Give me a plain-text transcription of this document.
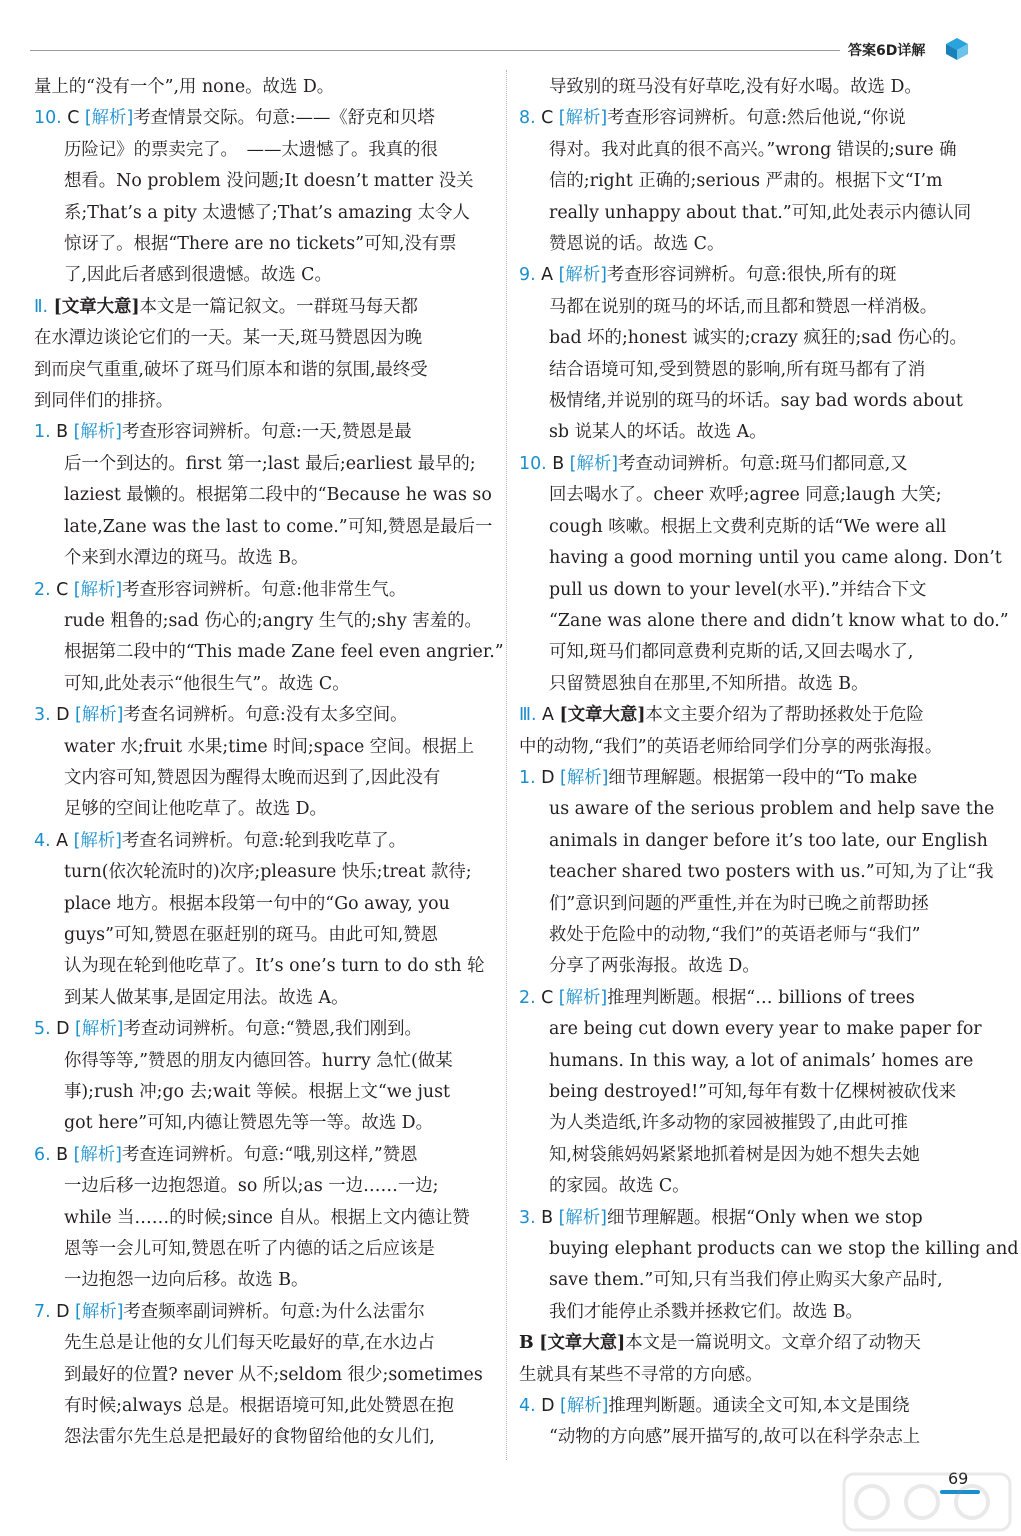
答案6D详解
量上的“没有一个”,用 none。故选 D。
10. C [解析]考查情景交际。句意:——《舒克和贝塔
历险记》的票卖完了。　——太遗憾了。我真的很
想看。No problem 没问题;It doesn’t matter 没关
系;That’s a pity 太遗憾了;That’s amazing 太令人
惊讶了。根据“There are no tickets”可知,没有票
了,因此后者感到很遗憾。故选 C。
Ⅱ. [文章大意]本文是一篇记叙文。一群斑马每天都
在水潭边谈论它们的一天。某一天,斑马赞恩因为晚
到而戾气重重,破坏了斑马们原本和谐的氛围,最终受
到同伴们的排挤。
1. B [解析]考查形容词辨析。句意:一天,赞恩是最
后一个到达的。first 第一;last 最后;earliest 最早的;
laziest 最懒的。根据第二段中的“Because he was so
late,Zane was the last to come.”可知,赞恩是最后一
个来到水潭边的斑马。故选 B。
2. C [解析]考查形容词辨析。句意:他非常生气。
rude 粗鲁的;sad 伤心的;angry 生气的;shy 害羞的。
根据第二段中的“This made Zane feel even angrier.”
可知,此处表示“他很生气”。故选 C。
3. D [解析]考查名词辨析。句意:没有太多空间。
water 水;fruit 水果;time 时间;space 空间。根据上
文内容可知,赞恩因为醒得太晚而迟到了,因此没有
足够的空间让他吃草了。故选 D。
4. A [解析]考查名词辨析。句意:轮到我吃草了。
turn(依次轮流时的)次序;pleasure 快乐;treat 款待;
place 地方。根据本段第一句中的“Go away, you
guys”可知,赞恩在驱赶别的斑马。由此可知,赞恩
认为现在轮到他吃草了。It’s one’s turn to do sth 轮
到某人做某事,是固定用法。故选 A。
5. D [解析]考查动词辨析。句意:“赞恩,我们刚到。
你得等等,”赞恩的朋友内德回答。hurry 急忙(做某
事);rush 冲;go 去;wait 等候。根据上文“we just
got here”可知,内德让赞恩先等一等。故选 D。
6. B [解析]考查连词辨析。句意:“哦,别这样,”赞恩
一边后移一边抱怨道。so 所以;as 一边……一边;
while 当……的时候;since 自从。根据上文内德让赞
恩等一会儿可知,赞恩在听了内德的话之后应该是
一边抱怨一边向后移。故选 B。
7. D [解析]考查频率副词辨析。句意:为什么法雷尔
先生总是让他的女儿们每天吃最好的草,在水边占
到最好的位置? never 从不;seldom 很少;sometimes
有时候;always 总是。根据语境可知,此处赞恩在抱
怨法雷尔先生总是把最好的食物留给他的女儿们,
导致别的斑马没有好草吃,没有好水喝。故选 D。
8. C [解析]考查形容词辨析。句意:然后他说,“你说
得对。我对此真的很不高兴。”wrong 错误的;sure 确
信的;right 正确的;serious 严肃的。根据下文“I’m
really unhappy about that.”可知,此处表示内德认同
赞恩说的话。故选 C。
9. A [解析]考查形容词辨析。句意:很快,所有的斑
马都在说别的斑马的坏话,而且都和赞恩一样消极。
bad 坏的;honest 诚实的;crazy 疯狂的;sad 伤心的。
结合语境可知,受到赞恩的影响,所有斑马都有了消
极情绪,并说别的斑马的坏话。say bad words about
sb 说某人的坏话。故选 A。
10. B [解析]考查动词辨析。句意:斑马们都同意,又
回去喝水了。cheer 欢呼;agree 同意;laugh 大笑;
cough 咳嗽。根据上文费利克斯的话“We were all
having a good morning until you came along. Don’t
pull us down to your level(水平).”并结合下文
“Zane was alone there and didn’t know what to do.”
可知,斑马们都同意费利克斯的话,又回去喝水了,
只留赞恩独自在那里,不知所措。故选 B。
Ⅲ. A [文章大意]本文主要介绍为了帮助拯救处于危险
中的动物,“我们”的英语老师给同学们分享的两张海报。
1. D [解析]细节理解题。根据第一段中的“To make
us aware of the serious problem and help save the
animals in danger before it’s too late, our English
teacher shared two posters with us.”可知,为了让“我
们”意识到问题的严重性,并在为时已晚之前帮助拯
救处于危险中的动物,“我们”的英语老师与“我们”
分享了两张海报。故选 D。
2. C [解析]推理判断题。根据“… billions of trees
are being cut down every year to make paper for
humans. In this way, a lot of animals’ homes are
being destroyed!”可知,每年有数十亿棵树被砍伐来
为人类造纸,许多动物的家园被摧毁了,由此可推
知,树袋熊妈妈紧紧地抓着树是因为她不想失去她
的家园。故选 C。
3. B [解析]细节理解题。根据“Only when we stop
buying elephant products can we stop the killing and
save them.”可知,只有当我们停止购买大象产品时,
我们才能停止杀戮并拯救它们。故选 B。
B [文章大意]本文是一篇说明文。文章介绍了动物天
生就具有某些不寻常的方向感。
4. D [解析]推理判断题。通读全文可知,本文是围绕
“动物的方向感”展开描写的,故可以在科学杂志上
69
